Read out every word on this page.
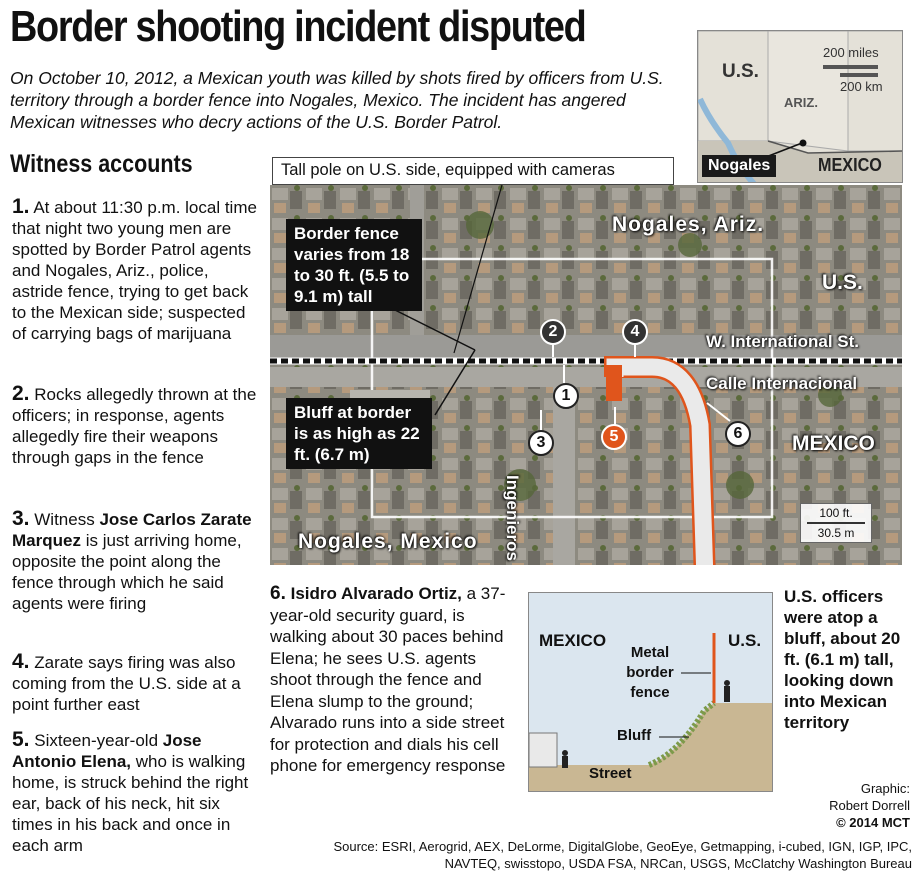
Border shooting incident disputed
On October 10, 2012, a Mexican youth was killed by shots fired by officers from U.S. territory through a border fence into Nogales, Mexico. The incident has angered Mexican witnesses who decry actions of the U.S. Border Patrol.
Witness accounts
1. At about 11:30 p.m. local time that night two young men are spotted by Border Patrol agents and Nogales, Ariz., police, astride fence, trying to get back to the Mexican side; suspected of carrying bags of marijuana
2. Rocks allegedly thrown at the officers; in response, agents allegedly fire their weapons through gaps in the fence
3. Witness Jose Carlos Zarate Marquez is just arriving home, opposite the point along the fence through which he said agents were firing
4. Zarate says firing was also coming from the U.S. side at a point further east
5. Sixteen-year-old Jose Antonio Elena, who is walking home, is struck behind the right ear, back of his neck, hit six times in his back and once in each arm
200 miles
200 km
U.S.
ARIZ.
MEXICO
Nogales
Tall pole on U.S. side, equipped with cameras
Nogales, Ariz.
U.S.
W. International St.
Calle Internacional
MEXICO
Ingenieros
Nogales, Mexico
Border fence varies from 18 to 30 ft. (5.5 to 9.1 m) tall
Bluff at border is as high as 22 ft. (6.7 m)
2	4
1
3	5	6
100 ft.
30.5 m
6. Isidro Alvarado Ortiz, a 37-year-old security guard, is walking about 30 paces behind Elena; he sees U.S. agents shoot through the fence and Elena slump to the ground; Alvarado runs into a side street for protection and dials his cell phone for emergency response
MEXICO	U.S.
Metal border fence
Bluff
Street
U.S. officers were atop a bluff, about 20 ft. (6.1 m) tall, looking down into Mexican territory
Graphic:
Robert Dorrell
© 2014 MCT
Source: ESRI, Aerogrid, AEX, DeLorme, DigitalGlobe, GeoEye, Getmapping, i-cubed, IGN, IGP, IPC, NAVTEQ, swisstopo, USDA FSA, NRCan, USGS, McClatchy Washington Bureau
